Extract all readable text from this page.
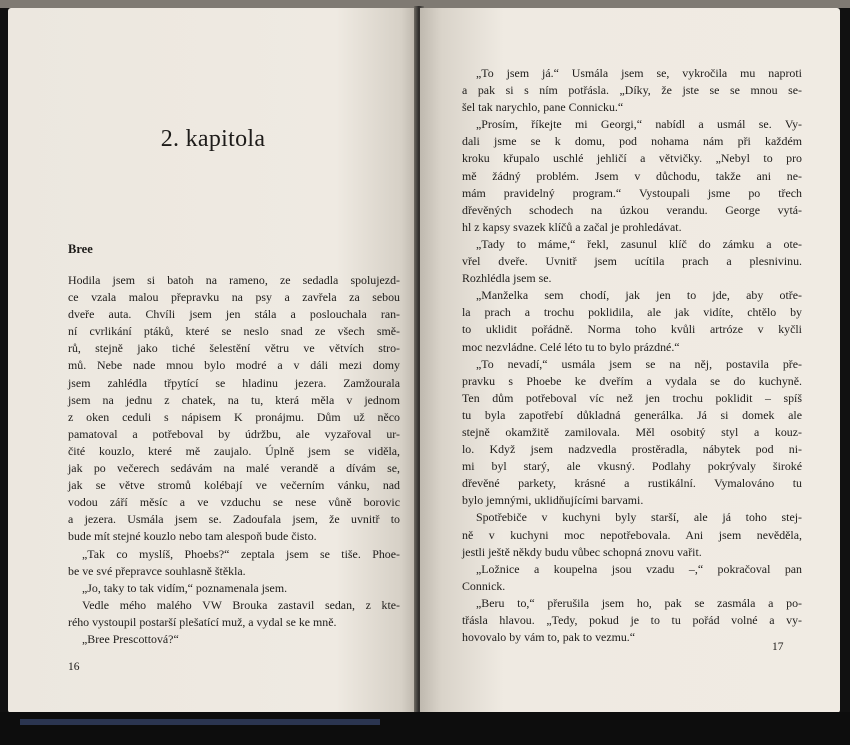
2. kapitola
Bree
Hodila jsem si batoh na rameno, ze sedadla spolujezd-
ce vzala malou přepravku na psy a zavřela za sebou
dveře auta. Chvíli jsem jen stála a poslouchala ran-
ní cvrlikání ptáků, které se neslo snad ze všech smě-
rů, stejně jako tiché šelestění větru ve větvích stro-
mů. Nebe nade mnou bylo modré a v dáli mezi domy
jsem zahlédla třpytící se hladinu jezera. Zamžourala
jsem na jednu z chatek, na tu, která měla v jednom
z oken ceduli s nápisem K pronájmu. Dům už něco
pamatoval a potřeboval by údržbu, ale vyzařoval ur-
čité kouzlo, které mě zaujalo. Úplně jsem se viděla,
jak po večerech sedávám na malé verandě a dívám se,
jak se větve stromů kolébají ve večerním vánku, nad
vodou září měsíc a ve vzduchu se nese vůně borovic
a jezera. Usmála jsem se. Zadoufala jsem, že uvnitř to
bude mít stejné kouzlo nebo tam alespoň bude čisto.
„Tak co myslíš, Phoebs?“ zeptala jsem se tiše. Phoe-
be ve své přepravce souhlasně štěkla.
„Jo, taky to tak vidím,“ poznamenala jsem.
Vedle mého malého VW Brouka zastavil sedan, z kte-
rého vystoupil postarší plešatící muž, a vydal se ke mně.
„Bree Prescottová?“
16
„To jsem já.“ Usmála jsem se, vykročila mu naproti
a pak si s ním potřásla. „Díky, že jste se se mnou se-
šel tak narychlo, pane Connicku.“
„Prosím, říkejte mi Georgi,“ nabídl a usmál se. Vy-
dali jsme se k domu, pod nohama nám při každém
kroku křupalo uschlé jehličí a větvičky. „Nebyl to pro
mě žádný problém. Jsem v důchodu, takže ani ne-
mám pravidelný program.“ Vystoupali jsme po třech
dřevěných schodech na úzkou verandu. George vytá-
hl z kapsy svazek klíčů a začal je prohledávat.
„Tady to máme,“ řekl, zasunul klíč do zámku a ote-
vřel dveře. Uvnitř jsem ucítila prach a plesnivinu.
Rozhlédla jsem se.
„Manželka sem chodí, jak jen to jde, aby otře-
la prach a trochu poklidila, ale jak vidíte, chtělo by
to uklidit pořádně. Norma toho kvůli artróze v kyčli
moc nezvládne. Celé léto tu to bylo prázdné.“
„To nevadí,“ usmála jsem se na něj, postavila pře-
pravku s Phoebe ke dveřím a vydala se do kuchyně.
Ten dům potřeboval víc než jen trochu poklidit – spíš
tu byla zapotřebí důkladná generálka. Já si domek ale
stejně okamžitě zamilovala. Měl osobitý styl a kouz-
lo. Když jsem nadzvedla prostěradla, nábytek pod ni-
mi byl starý, ale vkusný. Podlahy pokrývaly široké
dřevěné parkety, krásné a rustikální. Vymalováno tu
bylo jemnými, uklidňujícími barvami.
Spotřebiče v kuchyni byly starší, ale já toho stej-
ně v kuchyni moc nepotřebovala. Ani jsem nevěděla,
jestli ještě někdy budu vůbec schopná znovu vařit.
„Ložnice a koupelna jsou vzadu –,“ pokračoval pan
Connick.
„Beru to,“ přerušila jsem ho, pak se zasmála a po-
třásla hlavou. „Tedy, pokud je to tu pořád volné a vy-
hovovalo by vám to, pak to vezmu.“
17
